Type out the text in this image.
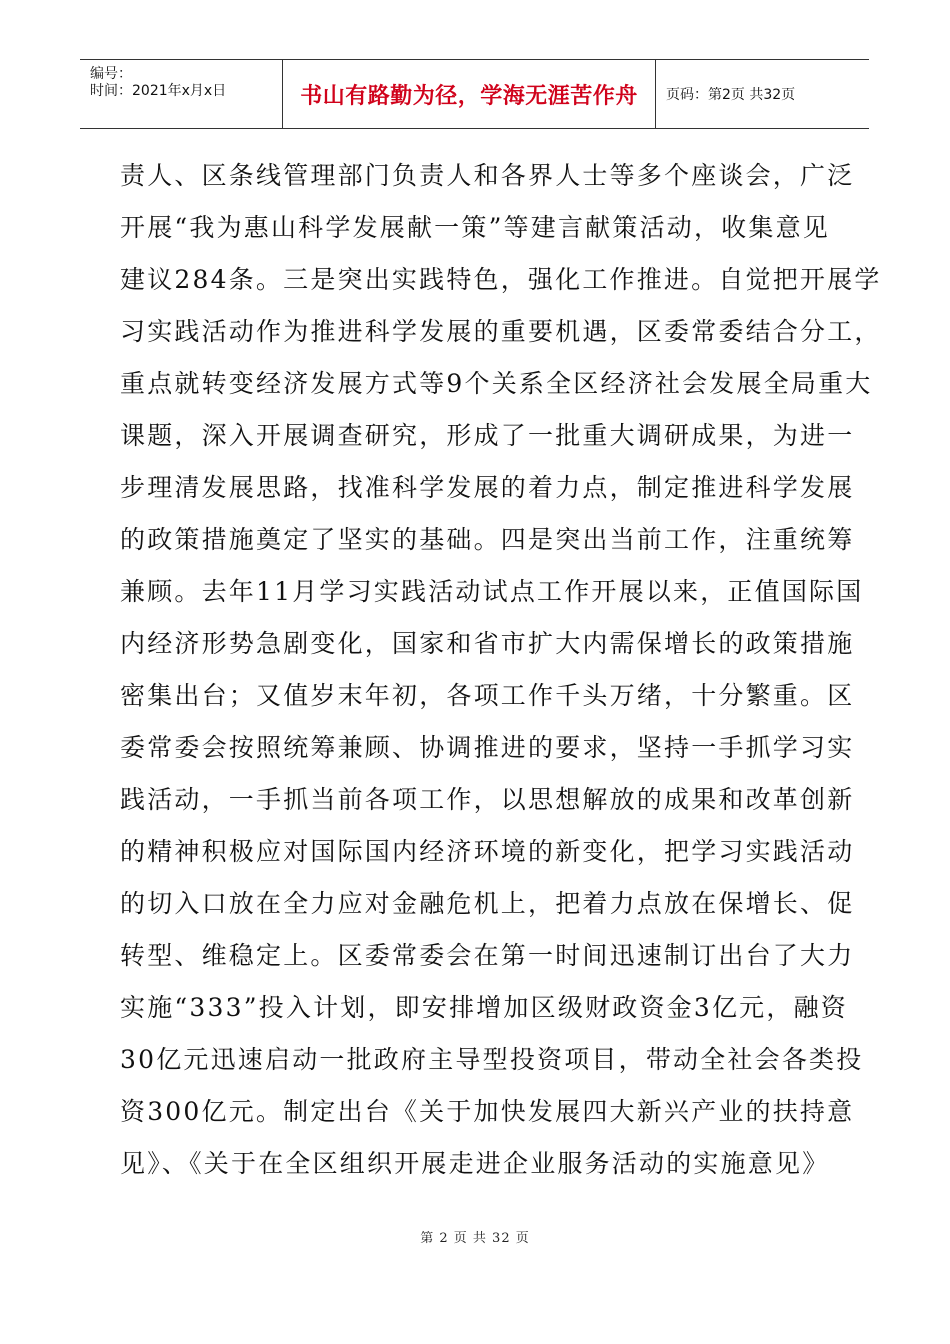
编号：
时间：2021年x月x日	书山有路勤为径，学海无涯苦作舟 页码：第2页 共32页
责人、区条线管理部门负责人和各界人士等多个座谈会，广泛
开展“我为惠山科学发展献一策”等建言献策活动，收集意见
建议284条。三是突出实践特色，强化工作推进。自觉把开展学
习实践活动作为推进科学发展的重要机遇，区委常委结合分工，
重点就转变经济发展方式等9个关系全区经济社会发展全局重大
课题，深入开展调查研究，形成了一批重大调研成果，为进一
步理清发展思路，找准科学发展的着力点，制定推进科学发展
的政策措施奠定了坚实的基础。四是突出当前工作，注重统筹
兼顾。去年11月学习实践活动试点工作开展以来，正值国际国
内经济形势急剧变化，国家和省市扩大内需保增长的政策措施
密集出台；又值岁末年初，各项工作千头万绪，十分繁重。区
委常委会按照统筹兼顾、协调推进的要求，坚持一手抓学习实
践活动，一手抓当前各项工作，以思想解放的成果和改革创新
的精神积极应对国际国内经济环境的新变化，把学习实践活动
的切入口放在全力应对金融危机上，把着力点放在保增长、促
转型、维稳定上。区委常委会在第一时间迅速制订出台了大力
实施“333”投入计划，即安排增加区级财政资金3亿元，融资
30亿元迅速启动一批政府主导型投资项目，带动全社会各类投
资300亿元。制定出台《关于加快发展四大新兴产业的扶持意
见》、《关于在全区组织开展走进企业服务活动的实施意见》
第 2 页 共 32 页
